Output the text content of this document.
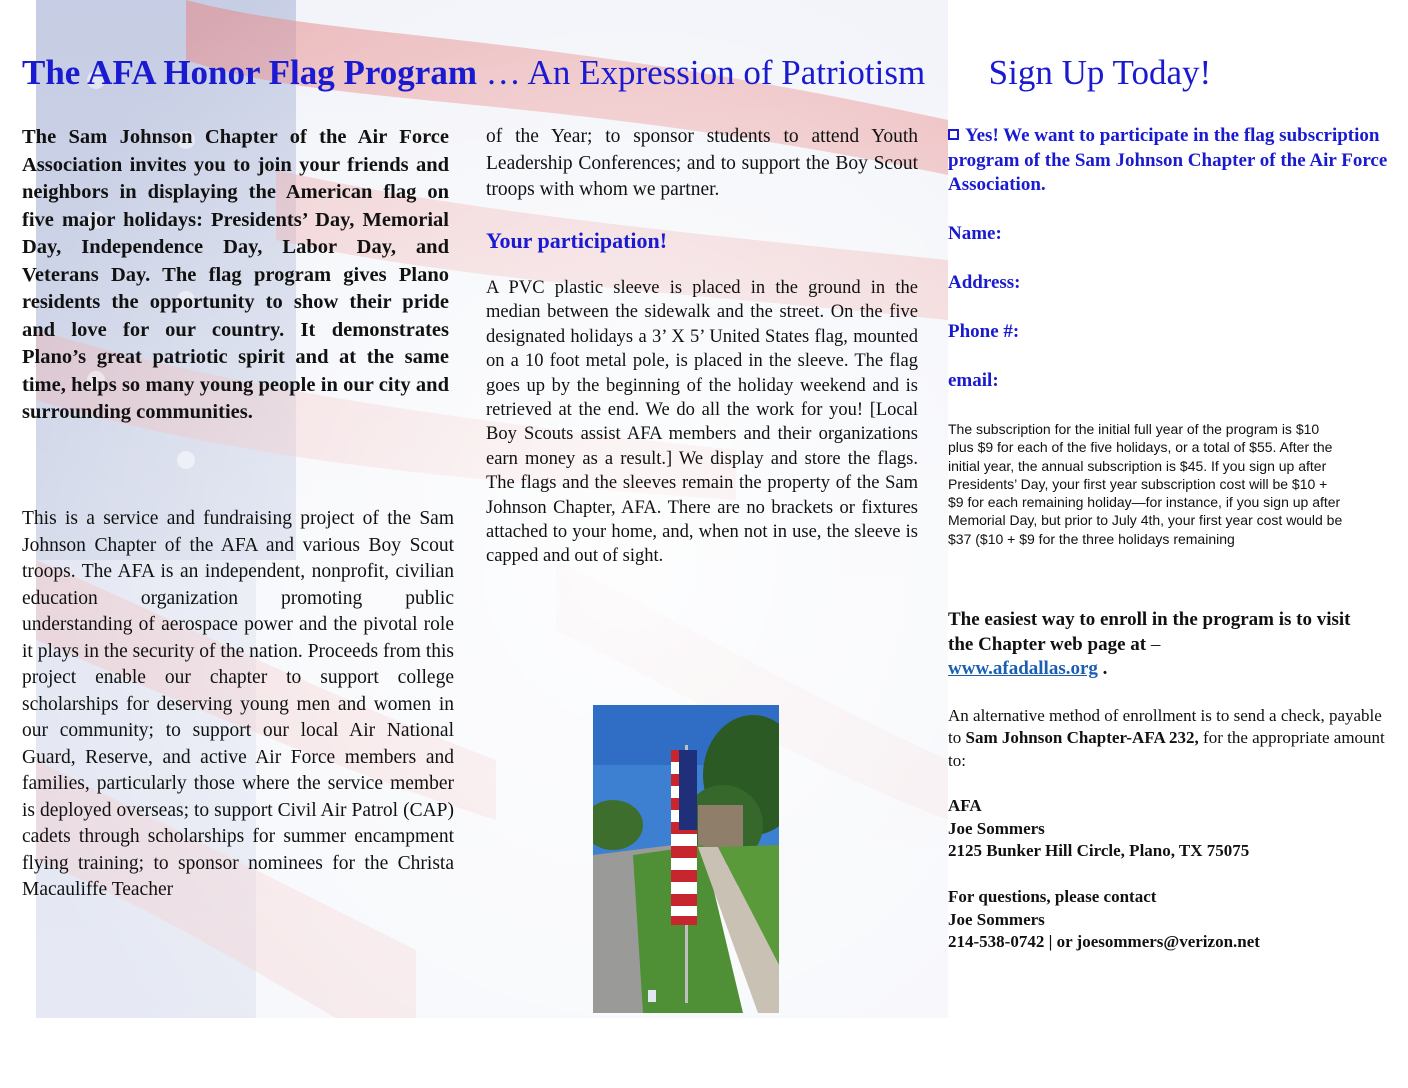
The AFA Honor Flag Program … An Expression of Patriotism Sign Up Today!
The Sam Johnson Chapter of the Air Force Association invites you to join your friends and neighbors in displaying the American flag on five major holidays: Presidents’ Day, Memorial Day, Independence Day, Labor Day, and Veterans Day. The flag program gives Plano residents the opportunity to show their pride and love for our country. It demonstrates Plano’s great patriotic spirit and at the same time, helps so many young people in our city and surrounding communities.
This is a service and fundraising project of the Sam Johnson Chapter of the AFA and various Boy Scout troops. The AFA is an independent, nonprofit, civilian education organization promoting public understanding of aerospace power and the pivotal role it plays in the security of the nation. Proceeds from this project enable our chapter to support college scholarships for deserving young men and women in our community; to support our local Air National Guard, Reserve, and active Air Force members and families, particularly those where the service member is deployed overseas; to support Civil Air Patrol (CAP) cadets through scholarships for summer encampment flying training; to sponsor nominees for the Christa Macauliffe Teacher
of the Year; to sponsor students to attend Youth Leadership Conferences; and to support the Boy Scout troops with whom we partner.
Your participation!
A PVC plastic sleeve is placed in the ground in the median between the sidewalk and the street. On the five designated holidays a 3’ X 5’ United States flag, mounted on a 10 foot metal pole, is placed in the sleeve. The flag goes up by the beginning of the holiday weekend and is retrieved at the end. We do all the work for you! [Local Boy Scouts assist AFA members and their organizations earn money as a result.] We display and store the flags. The flags and the sleeves remain the property of the Sam Johnson Chapter, AFA. There are no brackets or fixtures attached to your home, and, when not in use, the sleeve is capped and out of sight.
Yes! We want to participate in the flag subscription program of the Sam Johnson Chapter of the Air Force Association.
Name:
Address:
Phone #:
email:
The subscription for the initial full year of the program is $10 plus $9 for each of the five holidays, or a total of $55. After the initial year, the annual subscription is $45. If you sign up after Presidents’ Day, your first year subscription cost will be $10 + $9 for each remaining holiday—for instance, if you sign up after Memorial Day, but prior to July 4th, your first year cost would be $37 ($10 + $9 for the three holidays remaining
The easiest way to enroll in the program is to visit the Chapter web page at –
www.afadallas.org .
An alternative method of enrollment is to send a check, payable to Sam Johnson Chapter-AFA 232, for the appropriate amount to:
AFA
Joe Sommers
2125 Bunker Hill Circle, Plano, TX 75075
For questions, please contact
Joe Sommers
214-538-0742 | or joesommers@verizon.net
